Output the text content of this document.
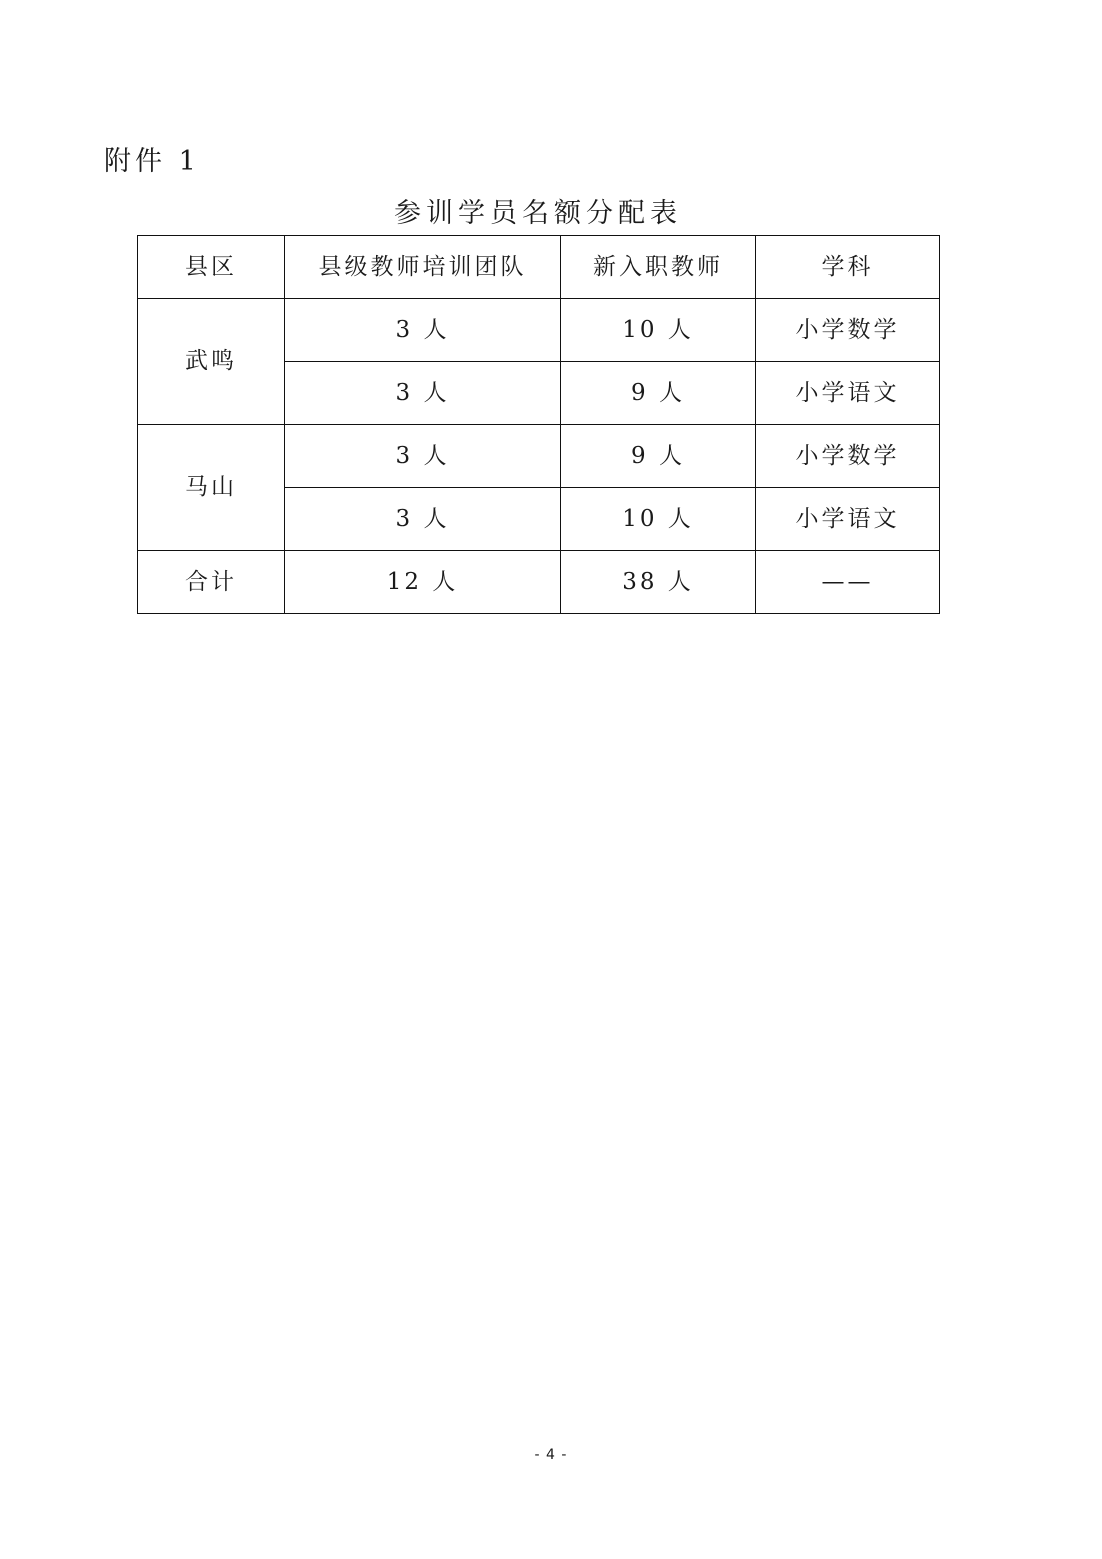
附件 1
参训学员名额分配表
县区	县级教师培训团队	新入职教师	学科
武鸣	3 人	10 人	小学数学
	3 人	9 人	小学语文
马山	3 人	9 人	小学数学
	3 人	10 人	小学语文
合计	12 人	38 人	——
- 4 -
